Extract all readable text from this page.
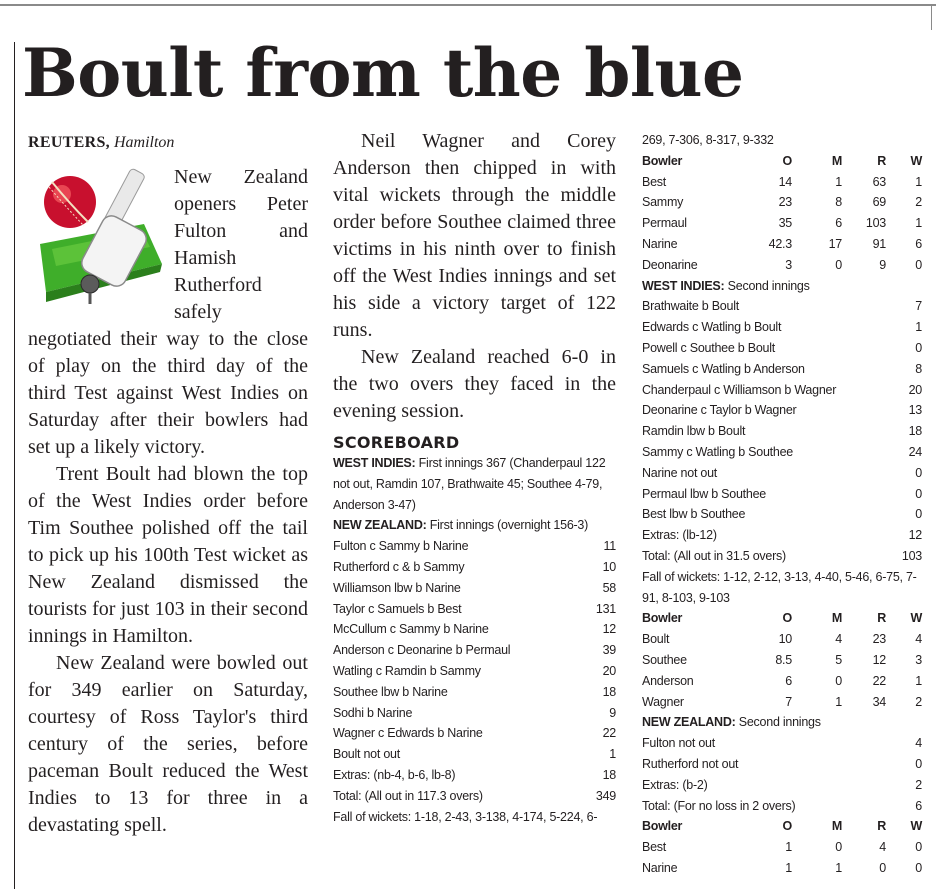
Boult from the blue
REUTERS, Hamilton

New Zealand openers Peter Fulton and Hamish Rutherford safely negotiated their way to the close of play on the third day of the third Test against West Indies on Saturday after their bowlers had set up a likely victory.

Trent Boult had blown the top of the West Indies order before Tim Southee polished off the tail to pick up his 100th Test wicket as New Zealand dismissed the tourists for just 103 in their second innings in Hamilton.

New Zealand were bowled out for 349 earlier on Saturday, courtesy of Ross Taylor's third century of the series, before paceman Boult reduced the West Indies to 13 for three in a devastating spell.

Neil Wagner and Corey Anderson then chipped in with vital wickets through the middle order before Southee claimed three victims in his ninth over to finish off the West Indies innings and set his side a victory target of 122 runs.

New Zealand reached 6-0 in the two overs they faced in the evening session.

SCOREBOARD
WEST INDIES: First innings 367 (Chanderpaul 122 not out, Ramdin 107, Brathwaite 45; Southee 4-79, Anderson 3-47)
NEW ZEALAND: First innings (overnight 156-3)
Fulton c Sammy b Narine	11
Rutherford c & b Sammy	10
Williamson lbw b Narine	58
Taylor c Samuels b Best	131
McCullum c Sammy b Narine	12
Anderson c Deonarine b Permaul	39
Watling c Ramdin b Sammy	20
Southee lbw b Narine	18
Sodhi b Narine	9
Wagner c Edwards b Narine	22
Boult not out	1
Extras: (nb-4, b-6, lb-8)	18
Total: (All out in 117.3 overs)	349
Fall of wickets: 1-18, 2-43, 3-138, 4-174, 5-224, 6-
269, 7-306, 8-317, 9-332
Bowler	O	M	R	W
Best	14	1	63	1
Sammy	23	8	69	2
Permaul	35	6	103	1
Narine	42.3	17	91	6
Deonarine	3	0	9	0
WEST INDIES: Second innings
Brathwaite b Boult	7
Edwards c Watling b Boult	1
Powell c Southee b Boult	0
Samuels c Watling b Anderson	8
Chanderpaul c Williamson b Wagner	20
Deonarine c Taylor b Wagner	13
Ramdin lbw b Boult	18
Sammy c Watling b Southee	24
Narine not out	0
Permaul lbw b Southee	0
Best lbw b Southee	0
Extras: (lb-12)	12
Total: (All out in 31.5 overs)	103
Fall of wickets: 1-12, 2-12, 3-13, 4-40, 5-46, 6-75, 7-91, 8-103, 9-103
Bowler	O	M	R	W
Boult	10	4	23	4
Southee	8.5	5	12	3
Anderson	6	0	22	1
Wagner	7	1	34	2
NEW ZEALAND: Second innings
Fulton not out	4
Rutherford not out	0
Extras: (b-2)	2
Total: (For no loss in 2 overs)	6
Bowler	O	M	R	W
Best	1	0	4	0
Narine	1	1	0	0
